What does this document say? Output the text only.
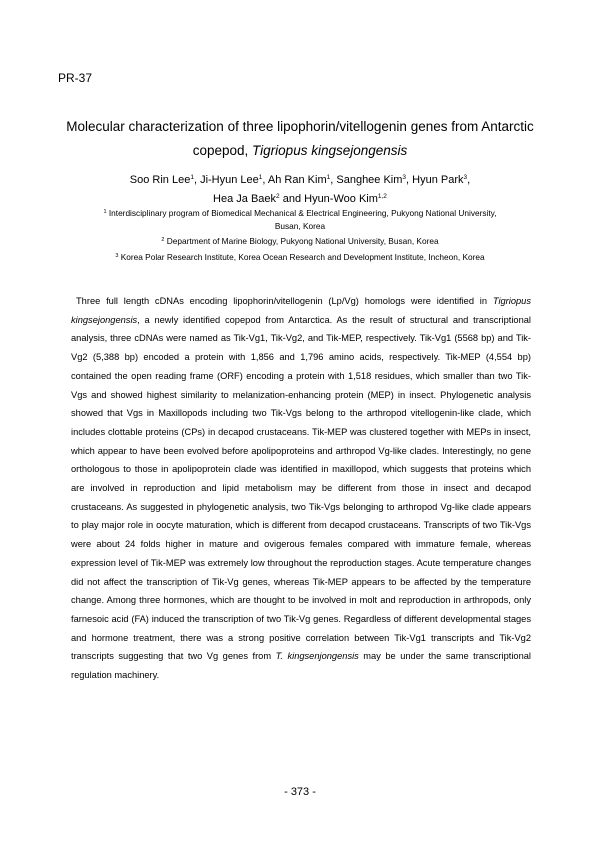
PR-37
Molecular characterization of three lipophorin/vitellogenin genes from Antarctic
copepod, Tigriopus kingsejongensis
Soo Rin Lee$^1$, Ji-Hyun Lee$^1$, Ah Ran Kim$^1$, Sanghee Kim$^3$, Hyun Park$^3$,
Hea Ja Baek$^2$ and Hyun-Woo Kim$^{1,2}$
$^1$ Interdisciplinary program of Biomedical Mechanical & Electrical Engineering, Pukyong National University,
Busan, Korea
$^2$ Department of Marine Biology, Pukyong National University, Busan, Korea
$^3$ Korea Polar Research Institute, Korea Ocean Research and Development Institute, Incheon, Korea

Three full length cDNAs encoding lipophorin/vitellogenin (Lp/Vg) homologs were identified in Tigriopus kingsejongensis, a newly identified copepod from Antarctica. As the result of structural and transcriptional analysis, three cDNAs were named as Tik-Vg1, Tik-Vg2, and Tik-MEP, respectively. Tik-Vg1 (5568 bp) and Tik-Vg2 (5,388 bp) encoded a protein with 1,856 and 1,796 amino acids, respectively. Tik-MEP (4,554 bp) contained the open reading frame (ORF) encoding a protein with 1,518 residues, which smaller than two Tik-Vgs and showed highest similarity to melanization-enhancing protein (MEP) in insect. Phylogenetic analysis showed that Vgs in Maxillopods including two Tik-Vgs belong to the arthropod vitellogenin-like clade, which includes clottable proteins (CPs) in decapod crustaceans. Tik-MEP was clustered together with MEPs in insect, which appear to have been evolved before apolipoproteins and arthropod Vg-like clades. Interestingly, no gene orthologous to those in apolipoprotein clade was identified in maxillopod, which suggests that proteins which are involved in reproduction and lipid metabolism may be different from those in insect and decapod crustaceans. As suggested in phylogenetic analysis, two Tik-Vgs belonging to arthropod Vg-like clade appears to play major role in oocyte maturation, which is different from decapod crustaceans. Transcripts of two Tik-Vgs were about 24 folds higher in mature and ovigerous females compared with immature female, whereas expression level of Tik-MEP was extremely low throughout the reproduction stages. Acute temperature changes did not affect the transcription of Tik-Vg genes, whereas Tik-MEP appears to be affected by the temperature change. Among three hormones, which are thought to be involved in molt and reproduction in arthropods, only farnesoic acid (FA) induced the transcription of two Tik-Vg genes. Regardless of different developmental stages and hormone treatment, there was a strong positive correlation between Tik-Vg1 transcripts and Tik-Vg2 transcripts suggesting that two Vg genes from T. kingsenjongensis may be under the same transcriptional regulation machinery.

- 373 -
